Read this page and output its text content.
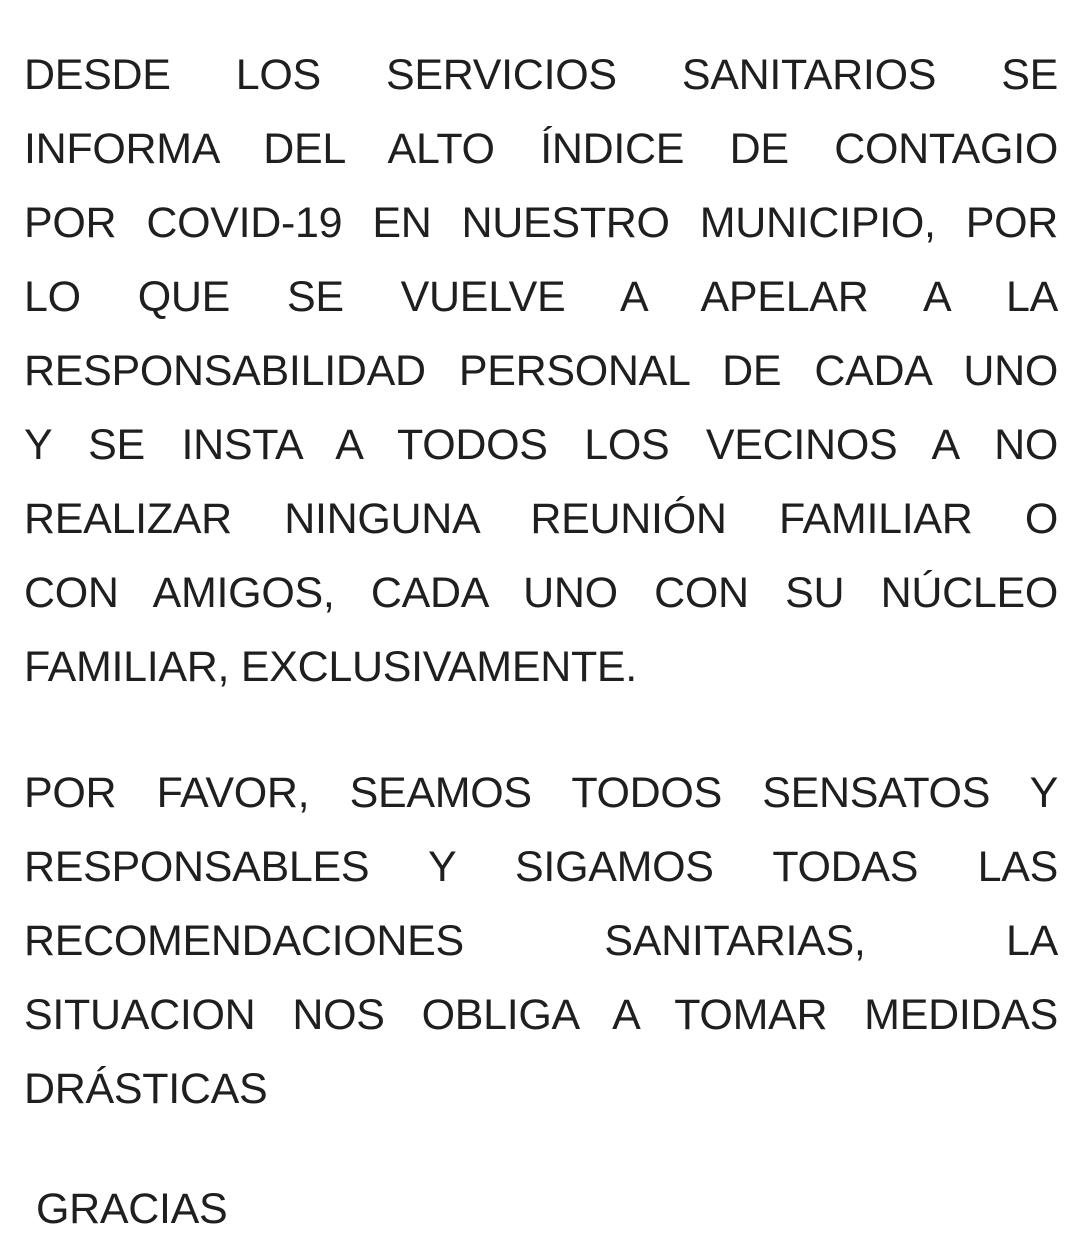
DESDE LOS SERVICIOS SANITARIOS SE
INFORMA DEL ALTO ÍNDICE DE CONTAGIO
POR COVID-19 EN NUESTRO MUNICIPIO, POR
LO QUE SE VUELVE A APELAR A LA
RESPONSABILIDAD PERSONAL DE CADA UNO
Y SE INSTA A TODOS LOS VECINOS A NO
REALIZAR NINGUNA REUNIÓN FAMILIAR O
CON AMIGOS, CADA UNO CON SU NÚCLEO
FAMILIAR, EXCLUSIVAMENTE.

POR FAVOR, SEAMOS TODOS SENSATOS Y
RESPONSABLES Y SIGAMOS TODAS LAS
RECOMENDACIONES SANITARIAS, LA
SITUACION NOS OBLIGA A TOMAR MEDIDAS
DRÁSTICAS

GRACIAS
